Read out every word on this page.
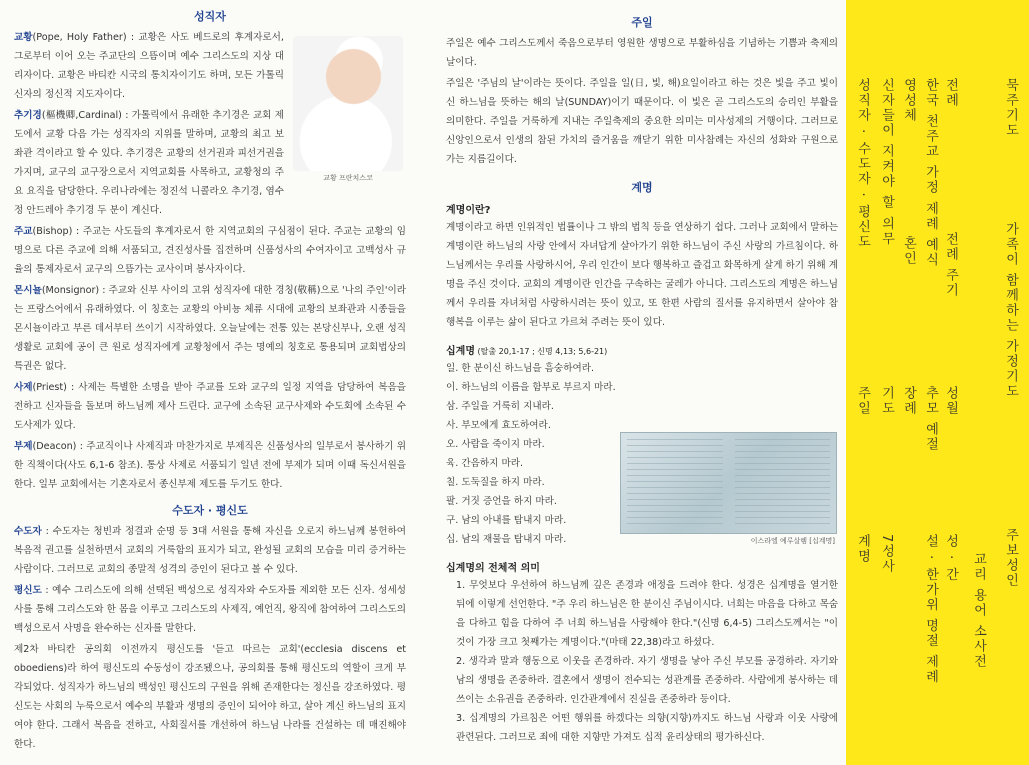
성직자
교황 프란치스코

교황(Pope, Holy Father) : 교황은 사도 베드로의 후계자로서, 그로부터 이어 오는 주교단의 으뜸이며 예수 그리스도의 지상 대리자이다. 교황은 바티칸 시국의 통치자이기도 하며, 모든 가톨릭 신자의 정신적 지도자이다.

추기경(樞機卿,Cardinal) : 가톨릭에서 유래한 추기경은 교회 제도에서 교황 다음 가는 성직자의 지위를 말하며, 교황의 최고 보좌관 격이라고 할 수 있다. 추기경은 교황의 선거권과 피선거권을 가지며, 교구의 교구장으로서 지역교회를 사목하고, 교황청의 주요 요직을 담당한다. 우리나라에는 정진석 니콜라오 추기경, 염수정 안드레아 추기경 두 분이 계신다.

주교(Bishop) : 주교는 사도들의 후계자로서 한 지역교회의 구심점이 된다. 주교는 교황의 임명으로 다른 주교에 의해 서품되고, 견진성사를 집전하며 신품성사의 수여자이고 고백성사 규율의 통제자로서 교구의 으뜸가는 교사이며 봉사자이다.

몬시뇰(Monsignor) : 주교와 신부 사이의 고위 성직자에 대한 경칭(敬稱)으로 '나의 주인'이라는 프랑스어에서 유래하였다. 이 칭호는 교황의 아비뇽 체류 시대에 교황의 보좌관과 시종들을 몬시뇰이라고 부른 데서부터 쓰이기 시작하였다. 오늘날에는 전통 있는 본당신부나, 오랜 성직 생활로 교회에 공이 큰 원로 성직자에게 교황청에서 주는 명예의 칭호로 통용되며 교회법상의 특권은 없다.

사제(Priest) : 사제는 특별한 소명을 받아 주교를 도와 교구의 일정 지역을 담당하여 복음을 전하고 신자들을 돌보며 하느님께 제사 드린다. 교구에 소속된 교구사제와 수도회에 소속된 수도사제가 있다.

부제(Deacon) : 주교직이나 사제직과 마찬가지로 부제직은 신품성사의 일부로서 봉사하기 위한 직책이다(사도 6,1-6 참조). 통상 사제로 서품되기 일년 전에 부제가 되며 이때 독신서원을 한다. 일부 교회에서는 기혼자로서 종신부제 제도를 두기도 한다.

수도자 · 평신도

수도자 : 수도자는 청빈과 정결과 순명 등 3대 서원을 통해 자신을 오로지 하느님께 봉헌하여 복음적 권고를 실천하면서 교회의 거룩함의 표지가 되고, 완성될 교회의 모습을 미리 증거하는 사람이다. 그러므로 교회의 종말적 성격의 증인이 된다고 볼 수 있다.

평신도 : 예수 그리스도에 의해 선택된 백성으로 성직자와 수도자를 제외한 모든 신자. 성세성사를 통해 그리스도와 한 몸을 이루고 그리스도의 사제직, 예언직, 왕직에 참여하여 그리스도의 백성으로서 사명을 완수하는 신자를 말한다.

제2차 바티칸 공의회 이전까지 평신도를 '듣고 따르는 교회'(ecclesia discens et oboediens)라 하여 평신도의 수동성이 강조됐으나, 공의회를 통해 평신도의 역할이 크게 부각되었다. 성직자가 하느님의 백성인 평신도의 구원을 위해 존재한다는 정신을 강조하였다. 평신도는 사회의 누룩으로서 예수의 부활과 생명의 증인이 되어야 하고, 살아 계신 하느님의 표지여야 한다. 그래서 복음을 전하고, 사회질서를 개선하여 하느님 나라를 건설하는 데 매진해야 한다.

주일

주일은 예수 그리스도께서 죽음으로부터 영원한 생명으로 부활하심을 기념하는 기쁨과 축제의 날이다.

주일은 '주님의 날'이라는 뜻이다. 주일을 일(日, 빛, 해)요일이라고 하는 것은 빛을 주고 빛이신 하느님을 뜻하는 해의 날(SUNDAY)이기 때문이다. 이 빛은 곧 그리스도의 승리인 부활을 의미한다. 주일을 거룩하게 지내는 주일축제의 중요한 의미는 미사성제의 거행이다. 그러므로 신앙인으로서 인생의 참된 가치의 즐거움을 깨닫기 위한 미사참례는 자신의 성화와 구원으로 가는 지름길이다.

계명
계명이란?

계명이라고 하면 인위적인 법률이나 그 밖의 법칙 등을 연상하기 쉽다. 그러나 교회에서 말하는 계명이란 하느님의 사랑 안에서 자녀답게 살아가기 위한 하느님이 주신 사랑의 가르침이다. 하느님께서는 우리를 사랑하시어, 우리 인간이 보다 행복하고 즐겁고 화목하게 살게 하기 위해 계명을 주신 것이다. 교회의 계명이란 인간을 구속하는 굴레가 아니다. 그리스도의 계명은 하느님께서 우리를 자녀처럼 사랑하시려는 뜻이 있고, 또 한편 사람의 질서를 유지하면서 살아야 참 행복을 이루는 삶이 된다고 가르쳐 주려는 뜻이 있다.

십계명 (탈출 20,1-17 ; 신명 4,13; 5,6-21)
일. 한 분이신 하느님을 흠숭하여라.
이. 하느님의 이름을 함부로 부르지 마라.
삼. 주일을 거룩히 지내라.
사. 부모에게 효도하여라.
오. 사람을 죽이지 마라.
육. 간음하지 마라.
칠. 도둑질을 하지 마라.
팔. 거짓 증언을 하지 마라.
구. 남의 아내를 탐내지 마라.
십. 남의 재물을 탐내지 마라.	이스라엘 예루살렘 [십계명]
십계명의 전체적 의미
1. 무엇보다 우선하여 하느님께 깊은 존경과 애정을 드려야 한다. 성경은 십계명을 열거한 뒤에 이렇게 선언한다. "주 우리 하느님은 한 분이신 주님이시다. 너희는 마음을 다하고 목숨을 다하고 힘을 다하여 주 너희 하느님을 사랑해야 한다."(신명 6,4-5) 그리스도께서는 "이것이 가장 크고 첫째가는 계명이다."(마태 22,38)라고 하셨다.
2. 생각과 말과 행동으로 이웃을 존경하라. 자기 생명을 낳아 주신 부모를 공경하라. 자기와 남의 생명을 존중하라. 결혼에서 생명이 전수되는 성관계를 존중하라. 사람에게 봉사하는 데 쓰이는 소유권을 존중하라. 인간관계에서 진실을 존중하라 등이다.
3. 십계명의 가르침은 어떤 행위를 하겠다는 의향(지향)까지도 하느님 사랑과 이웃 사랑에 관련된다. 그러므로 죄에 대한 지향만 가져도 십적 윤리상태의 평가하신다.
묵주기도
가족이 함께하는 가정기도
주보성인
교리 용어 소사전
전례
전례 주기
성월
성 · 간
한국 천주교 가정 제례 예식
추모 예절
설 · 한가위 명절 제례
영성체
혼인
장례
신자들이 지켜야 할 의무
기도
7성사
성직자 · 수도자 · 평신도
주일
계명
